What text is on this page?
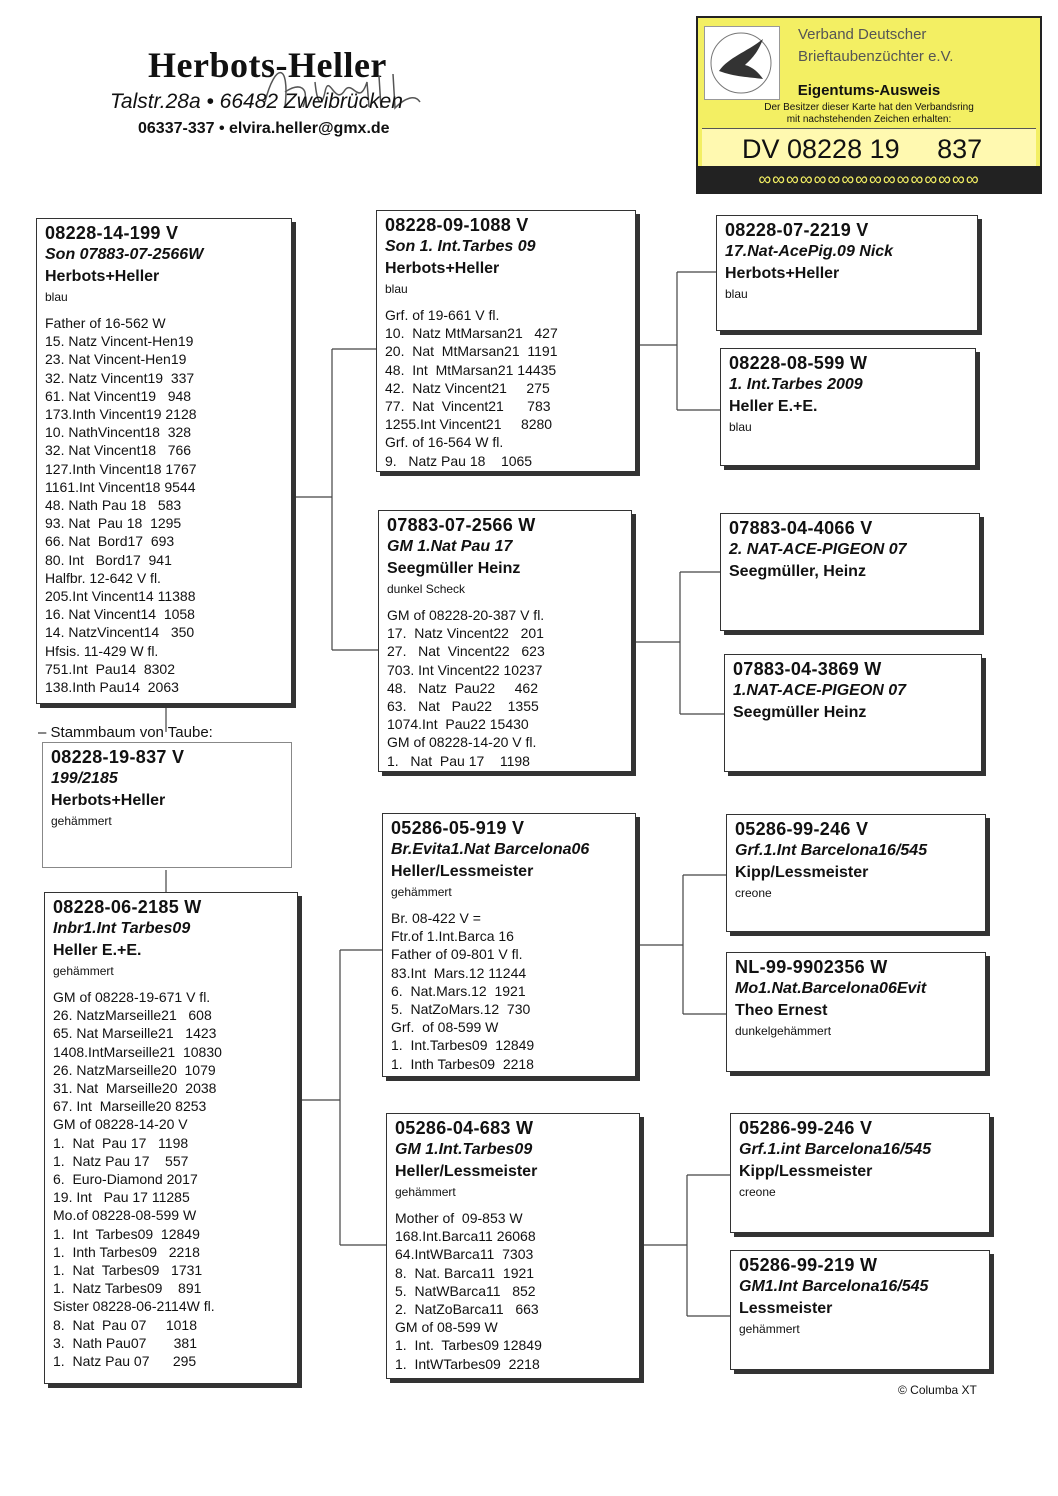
Herbots-Heller
Talstr.28a • 66482 Zweibrücken
06337-337 • elvira.heller@gmx.de
Verband Deutscher
Brieftaubenzüchter e.V.
Eigentums-Ausweis
Der Besitzer dieser Karte hat den Verbandsring
mit nachstehenden Zeichen erhalten:
DV 08228 19     837
∞∞∞∞∞∞∞∞∞∞∞∞∞∞∞∞
08228-14-199 V
Son 07883-07-2566W
Herbots+Heller
blau
Father of 16-562 W
15. Natz Vincent-Hen19
23. Nat Vincent-Hen19
32. Natz Vincent19  337
61. Nat Vincent19   948
173.Inth Vincent19 2128
10. NathVincent18  328
32. Nat Vincent18   766
127.Inth Vincent18 1767
1161.Int Vincent18 9544
48. Nath Pau 18   583
93. Nat  Pau 18  1295
66. Nat  Bord17  693
80. Int   Bord17  941
Halfbr. 12-642 V fl.
205.Int Vincent14 11388
16. Nat Vincent14  1058
14. NatzVincent14   350
Hfsis. 11-429 W fl.
751.Int  Pau14  8302
138.Inth Pau14  2063
– Stammbaum von Taube:
08228-19-837 V
199/2185
Herbots+Heller
gehämmert
08228-06-2185 W
Inbr1.Int Tarbes09
Heller E.+E.
gehämmert
GM of 08228-19-671 V fl.
26. NatzMarseille21   608
65. Nat Marseille21   1423
1408.IntMarseille21  10830
26. NatzMarseille20  1079
31. Nat  Marseille20  2038
67. Int  Marseille20 8253
GM of 08228-14-20 V
1.  Nat  Pau 17   1198
1.  Natz Pau 17    557
6.  Euro-Diamond 2017
19. Int   Pau 17 11285
Mo.of 08228-08-599 W
1.  Int  Tarbes09  12849
1.  Inth Tarbes09   2218
1.  Nat  Tarbes09   1731
1.  Natz Tarbes09    891
Sister 08228-06-2114W fl.
8.  Nat  Pau 07     1018
3.  Nath Pau07       381
1.  Natz Pau 07      295
08228-09-1088 V
Son 1. Int.Tarbes 09
Herbots+Heller
blau
Grf. of 19-661 V fl.
10.  Natz MtMarsan21   427
20.  Nat  MtMarsan21  1191
48.  Int  MtMarsan21 14435
42.  Natz Vincent21     275
77.  Nat  Vincent21      783
1255.Int Vincent21     8280
Grf. of 16-564 W fl.
9.   Natz Pau 18    1065
07883-07-2566 W
GM 1.Nat Pau 17
Seegmüller Heinz
dunkel Scheck
GM of 08228-20-387 V fl.
17.  Natz Vincent22   201
27.   Nat  Vincent22   623
703. Int Vincent22 10237
48.   Natz  Pau22     462
63.   Nat   Pau22    1355
1074.Int  Pau22 15430
GM of 08228-14-20 V fl.
1.   Nat  Pau 17    1198
05286-05-919 V
Br.Evita1.Nat Barcelona06
Heller/Lessmeister
gehämmert
Br. 08-422 V =
Ftr.of 1.Int.Barca 16
Father of 09-801 V fl.
83.Int  Mars.12 11244
6.  Nat.Mars.12  1921
5.  NatZoMars.12  730
Grf.  of 08-599 W
1.  Int.Tarbes09  12849
1.  Inth Tarbes09  2218
05286-04-683 W
GM 1.Int.Tarbes09
Heller/Lessmeister
gehämmert
Mother of  09-853 W
168.Int.Barca11 26068
64.IntWBarca11  7303
8.  Nat. Barca11  1921
5.  NatWBarca11   852
2.  NatZoBarca11   663
GM of 08-599 W
1.  Int.  Tarbes09 12849
1.  IntWTarbes09  2218
08228-07-2219 V
17.Nat-AcePig.09 Nick
Herbots+Heller
blau
08228-08-599 W
1. Int.Tarbes 2009
Heller E.+E.
blau
07883-04-4066 V
2. NAT-ACE-PIGEON 07
Seegmüller, Heinz
07883-04-3869 W
1.NAT-ACE-PIGEON 07
Seegmüller Heinz
05286-99-246 V
Grf.1.Int Barcelona16/545
Kipp/Lessmeister
creone
NL-99-9902356 W
Mo1.Nat.Barcelona06Evit
Theo Ernest
dunkelgehämmert
05286-99-246 V
Grf.1.int Barcelona16/545
Kipp/Lessmeister
creone
05286-99-219 W
GM1.Int Barcelona16/545
Lessmeister
gehämmert
© Columba XT
